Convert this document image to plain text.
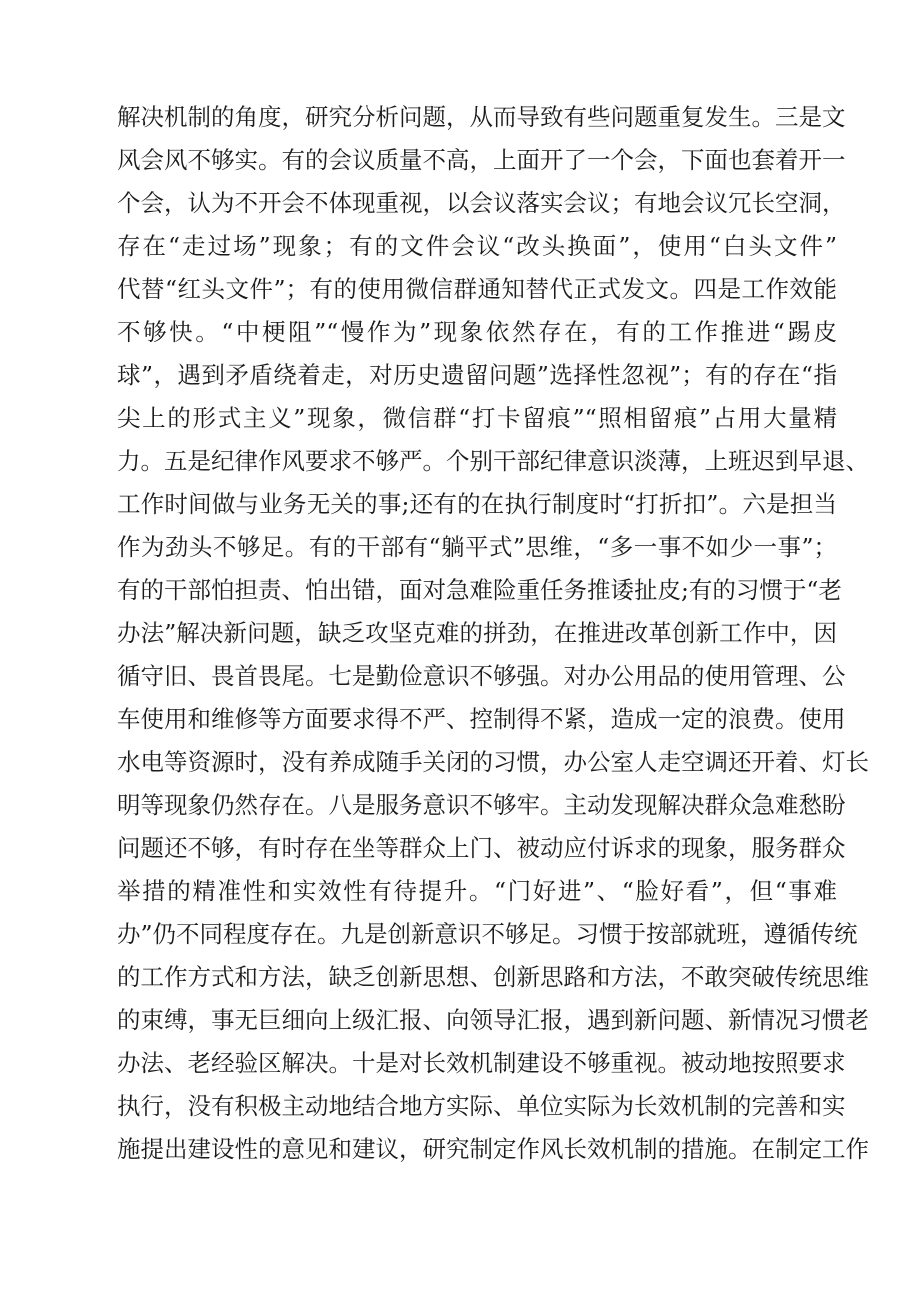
解决机制的角度，研究分析问题，从而导致有些问题重复发生。三是文
风会风不够实。有的会议质量不高，上面开了一个会，下面也套着开一
个会，认为不开会不体现重视，以会议落实会议；有地会议冗长空洞，
存在“走过场”现象；有的文件会议“改头换面”，使用“白头文件”
代替“红头文件”；有的使用微信群通知替代正式发文。四是工作效能
不够快。“中梗阻”“慢作为”现象依然存在，有的工作推进“踢皮
球”，遇到矛盾绕着走，对历史遗留问题”选择性忽视”；有的存在“指
尖上的形式主义”现象，微信群“打卡留痕”“照相留痕”占用大量精
力。五是纪律作风要求不够严。个别干部纪律意识淡薄，上班迟到早退、
工作时间做与业务无关的事;还有的在执行制度时“打折扣”。六是担当
作为劲头不够足。有的干部有“躺平式”思维，“多一事不如少一事”；
有的干部怕担责、怕出错，面对急难险重任务推诿扯皮;有的习惯于“老
办法”解决新问题，缺乏攻坚克难的拼劲，在推进改革创新工作中，因
循守旧、畏首畏尾。七是勤俭意识不够强。对办公用品的使用管理、公
车使用和维修等方面要求得不严、控制得不紧，造成一定的浪费。使用
水电等资源时，没有养成随手关闭的习惯，办公室人走空调还开着、灯长
明等现象仍然存在。八是服务意识不够牢。主动发现解决群众急难愁盼
问题还不够，有时存在坐等群众上门、被动应付诉求的现象，服务群众
举措的精准性和实效性有待提升。“门好进”、“脸好看”，但“事难
办”仍不同程度存在。九是创新意识不够足。习惯于按部就班，遵循传统
的工作方式和方法，缺乏创新思想、创新思路和方法，不敢突破传统思维
的束缚，事无巨细向上级汇报、向领导汇报，遇到新问题、新情况习惯老
办法、老经验区解决。十是对长效机制建设不够重视。被动地按照要求
执行，没有积极主动地结合地方实际、单位实际为长效机制的完善和实
施提出建设性的意见和建议，研究制定作风长效机制的措施。在制定工作
